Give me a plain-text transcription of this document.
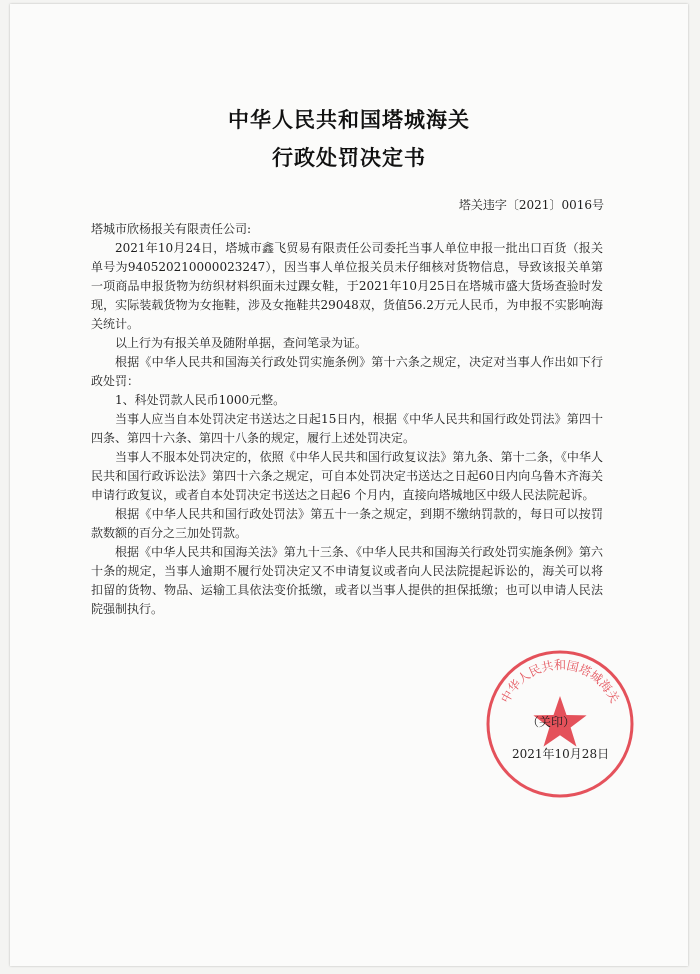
中华人民共和国塔城海关
行政处罚决定书
塔关违字〔2021〕0016号

塔城市欣杨报关有限责任公司:

2021年10月24日，塔城市鑫飞贸易有限责任公司委托当事人单位申报一批出口百货（报关单号为940520210000023247），因当事人单位报关员未仔细核对货物信息，导致该报关单第一项商品申报货物为纺织材料织面未过踝女鞋，于2021年10月25日在塔城市盛大货场查验时发现，实际装载货物为女拖鞋，涉及女拖鞋共29048双，货值56.2万元人民币，为申报不实影响海关统计。

以上行为有报关单及随附单据，查问笔录为证。

根据《中华人民共和国海关行政处罚实施条例》第十六条之规定，决定对当事人作出如下行政处罚：

1、科处罚款人民币1000元整。

当事人应当自本处罚决定书送达之日起15日内，根据《中华人民共和国行政处罚法》第四十四条、第四十六条、第四十八条的规定，履行上述处罚决定。

当事人不服本处罚决定的，依照《中华人民共和国行政复议法》第九条、第十二条，《中华人民共和国行政诉讼法》第四十六条之规定，可自本处罚决定书送达之日起60日内向乌鲁木齐海关申请行政复议，或者自本处罚决定书送达之日起6 个月内，直接向塔城地区中级人民法院起诉。

根据《中华人民共和国行政处罚法》第五十一条之规定，到期不缴纳罚款的，每日可以按罚款数额的百分之三加处罚款。

根据《中华人民共和国海关法》第九十三条、《中华人民共和国海关行政处罚实施条例》第六十条的规定，当事人逾期不履行处罚决定又不申请复议或者向人民法院提起诉讼的，海关可以将扣留的货物、物品、运输工具依法变价抵缴，或者以当事人提供的担保抵缴；也可以申请人民法院强制执行。

中华人民共和国塔城海关
（关印）
2021年10月28日
